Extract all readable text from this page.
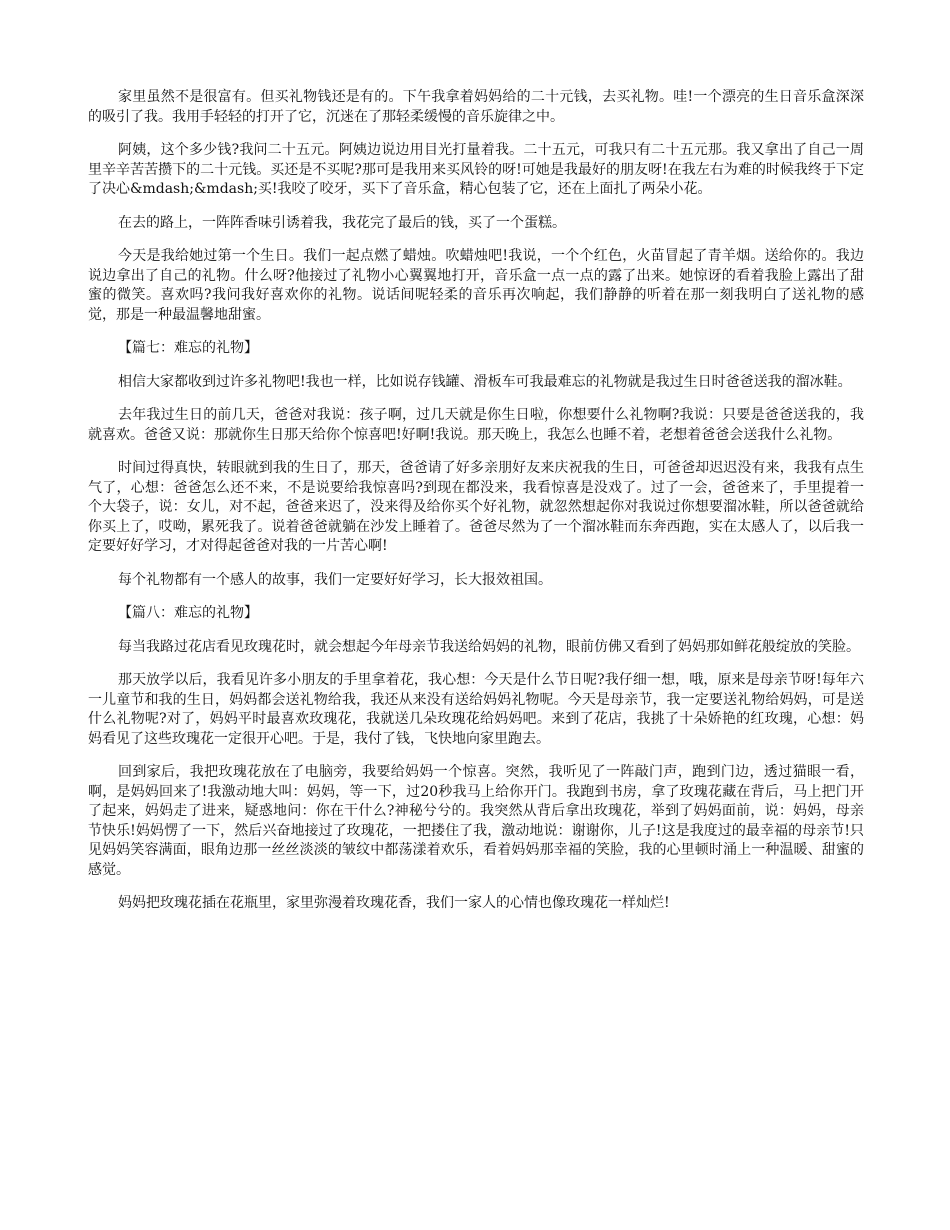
家里虽然不是很富有。但买礼物钱还是有的。下午我拿着妈妈给的二十元钱，去买礼物。哇!一个漂亮的生日音乐盒深深的吸引了我。我用手轻轻的打开了它，沉迷在了那轻柔缓慢的音乐旋律之中。

阿姨，这个多少钱?我问二十五元。阿姨边说边用目光打量着我。二十五元，可我只有二十五元那。我又拿出了自己一周里辛辛苦苦攒下的二十元钱。买还是不买呢?那可是我用来买风铃的呀!可她是我最好的朋友呀!在我左右为难的时候我终于下定了决心&mdash;&mdash;买!我咬了咬牙，买下了音乐盒，精心包装了它，还在上面扎了两朵小花。

在去的路上，一阵阵香味引诱着我，我花完了最后的钱，买了一个蛋糕。

今天是我给她过第一个生日。我们一起点燃了蜡烛。吹蜡烛吧!我说，一个个红色，火苗冒起了青羊烟。送给你的。我边说边拿出了自己的礼物。什么呀?他接过了礼物小心翼翼地打开，音乐盒一点一点的露了出来。她惊讶的看着我脸上露出了甜蜜的微笑。喜欢吗?我问我好喜欢你的礼物。说话间呢轻柔的音乐再次响起，我们静静的听着在那一刻我明白了送礼物的感觉，那是一种最温馨地甜蜜。

【篇七：难忘的礼物】

相信大家都收到过许多礼物吧!我也一样，比如说存钱罐、滑板车可我最难忘的礼物就是我过生日时爸爸送我的溜冰鞋。

去年我过生日的前几天，爸爸对我说：孩子啊，过几天就是你生日啦，你想要什么礼物啊?我说：只要是爸爸送我的，我就喜欢。爸爸又说：那就你生日那天给你个惊喜吧!好啊!我说。那天晚上，我怎么也睡不着，老想着爸爸会送我什么礼物。

时间过得真快，转眼就到我的生日了，那天，爸爸请了好多亲朋好友来庆祝我的生日，可爸爸却迟迟没有来，我我有点生气了，心想：爸爸怎么还不来，不是说要给我惊喜吗?到现在都没来，我看惊喜是没戏了。过了一会，爸爸来了，手里提着一个大袋子，说：女儿，对不起，爸爸来迟了，没来得及给你买个好礼物，就忽然想起你对我说过你想要溜冰鞋，所以爸爸就给你买上了，哎呦，累死我了。说着爸爸就躺在沙发上睡着了。爸爸尽然为了一个溜冰鞋而东奔西跑，实在太感人了，以后我一定要好好学习，才对得起爸爸对我的一片苦心啊!

每个礼物都有一个感人的故事，我们一定要好好学习，长大报效祖国。

【篇八：难忘的礼物】

每当我路过花店看见玫瑰花时，就会想起今年母亲节我送给妈妈的礼物，眼前仿佛又看到了妈妈那如鲜花般绽放的笑脸。

那天放学以后，我看见许多小朋友的手里拿着花，我心想：今天是什么节日呢?我仔细一想，哦，原来是母亲节呀!每年六一儿童节和我的生日，妈妈都会送礼物给我，我还从来没有送给妈妈礼物呢。今天是母亲节，我一定要送礼物给妈妈，可是送什么礼物呢?对了，妈妈平时最喜欢玫瑰花，我就送几朵玫瑰花给妈妈吧。来到了花店，我挑了十朵娇艳的红玫瑰，心想：妈妈看见了这些玫瑰花一定很开心吧。于是，我付了钱，飞快地向家里跑去。

回到家后，我把玫瑰花放在了电脑旁，我要给妈妈一个惊喜。突然，我听见了一阵敲门声，跑到门边，透过猫眼一看，啊，是妈妈回来了!我激动地大叫：妈妈，等一下，过20秒我马上给你开门。我跑到书房，拿了玫瑰花藏在背后，马上把门开了起来，妈妈走了进来，疑惑地问：你在干什么?神秘兮兮的。我突然从背后拿出玫瑰花，举到了妈妈面前，说：妈妈，母亲节快乐!妈妈愣了一下，然后兴奋地接过了玫瑰花，一把搂住了我，激动地说：谢谢你，儿子!这是我度过的最幸福的母亲节!只见妈妈笑容满面，眼角边那一丝丝淡淡的皱纹中都荡漾着欢乐，看着妈妈那幸福的笑脸，我的心里顿时涌上一种温暖、甜蜜的感觉。

妈妈把玫瑰花插在花瓶里，家里弥漫着玫瑰花香，我们一家人的心情也像玫瑰花一样灿烂!
